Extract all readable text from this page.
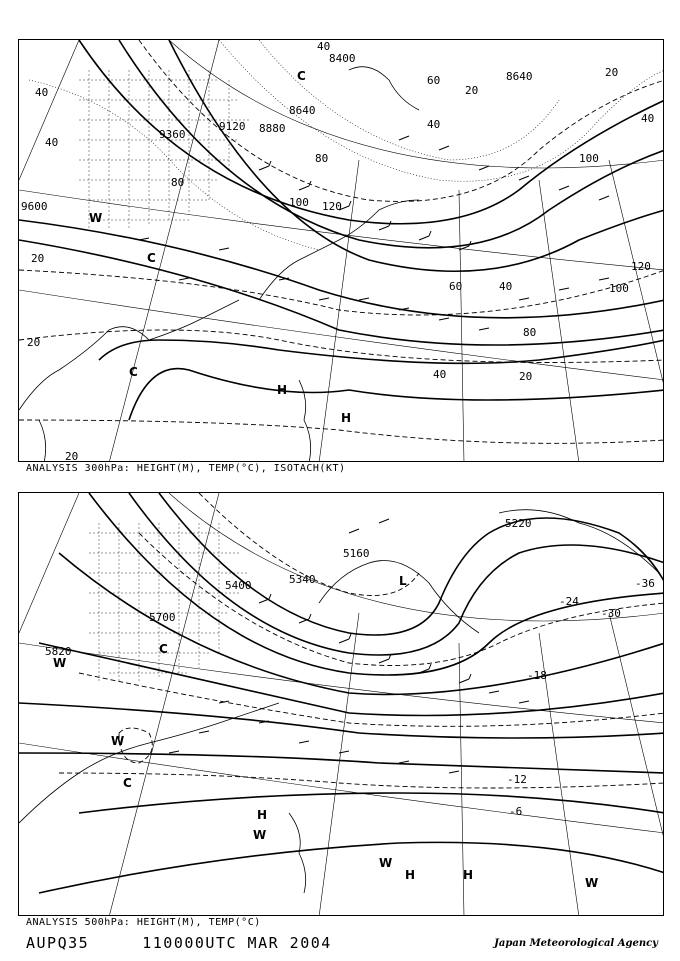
8400
8640
9360
9120 8880
8640
9600
40
60
20
40	40
80
100 120
100
120
60	40	100
80
40
20
20
20
20
40
80
40
20
C
W
C
C
H
H
ANALYSIS 300hPa: HEIGHT(M), TEMP(°C), ISOTACH(KT)
5220
5160
5400	5340
5700
5820
-36
-30
-24
-18
-12
-6
L
W
C
W
C
H
W
W
H	H
W
ANALYSIS 500hPa: HEIGHT(M), TEMP(°C)
AUPQ35	110000UTC MAR 2004	Japan Meteorological Agency
